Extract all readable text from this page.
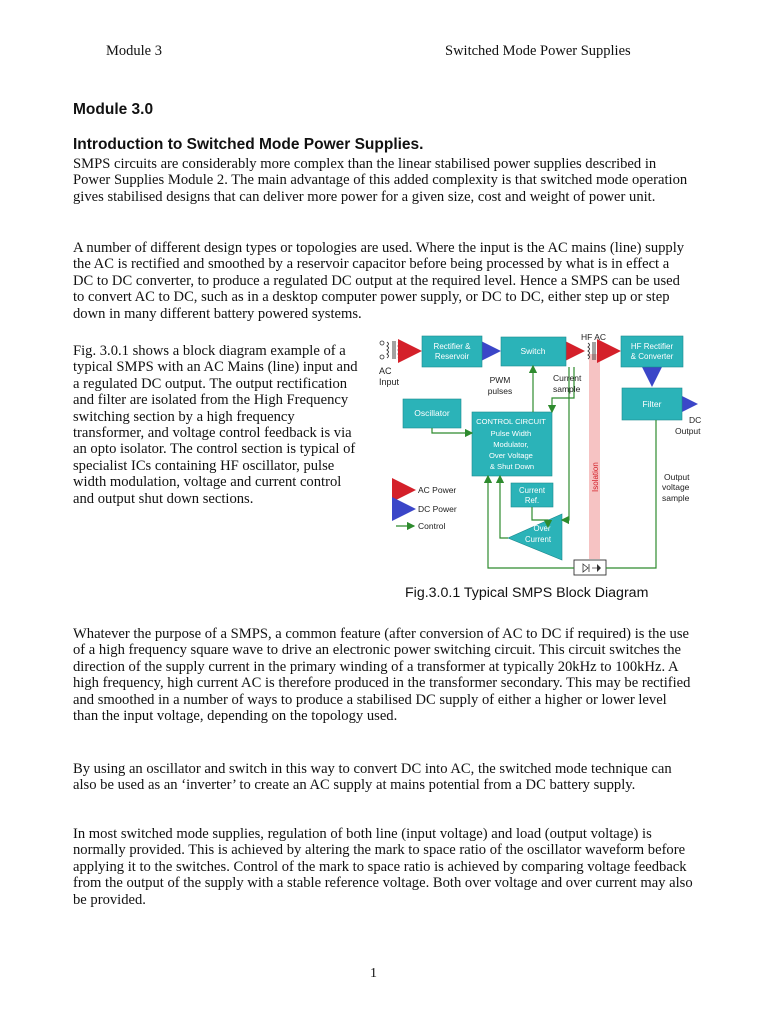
Module 3	Switched Mode Power Supplies
Module 3.0
Introduction to Switched Mode Power Supplies.

SMPS circuits are considerably more complex than the linear stabilised power supplies described in Power Supplies Module 2. The main advantage of this added complexity is that switched mode operation gives stabilised designs that can deliver more power for a given size, cost and weight of power unit.

A number of different design types or topologies are used. Where the input is the AC mains (line) supply the AC is rectified and smoothed by a reservoir capacitor before being processed by what is in effect a DC to DC converter, to produce a regulated DC output at the required level. Hence a SMPS can be used to convert AC to DC, such as in a desktop computer power supply, or DC to DC, either step up or step down in many different battery powered systems.

Fig. 3.0.1 shows a block diagram example of a typical SMPS with an AC Mains (line) input and a regulated DC output. The output rectification and filter are isolated from the High Frequency switching section by a high frequency transformer, and voltage control feedback is via an opto isolator. The control section is typical of specialist ICs containing HF oscillator, pulse width modulation, voltage and current control and output shut down sections.

Isolation
AC Input
HF AC
Rectifier & Reservoir
Switch	HF Rectifier & Converter
Filter
Oscillator
CONTROL CIRCUIT Pulse Width Modulator, Over Voltage & Shut Down
Current Ref.
Over Current
PWM pulses
Current sample
DC Output
Output voltage sample
AC Power
DC Power
Control
Fig.3.0.1 Typical SMPS Block Diagram

Whatever the purpose of a SMPS, a common feature (after conversion of AC to DC if required) is the use of a high frequency square wave to drive an electronic power switching circuit. This circuit switches the direction of the supply current in the primary winding of a transformer at typically 20kHz to 100kHz. A high frequency, high current AC is therefore produced in the transformer secondary. This may be rectified and smoothed in a number of ways to produce a stabilised DC supply of either a higher or lower level than the input voltage, depending on the topology used.

By using an oscillator and switch in this way to convert DC into AC, the switched mode technique can also be used as an ‘inverter’ to create an AC supply at mains potential from a DC battery supply.

In most switched mode supplies, regulation of both line (input voltage) and load (output voltage) is normally provided. This is achieved by altering the mark to space ratio of the oscillator waveform before applying it to the switches. Control of the mark to space ratio is achieved by comparing voltage feedback from the output of the supply with a stable reference voltage. Both over voltage and over current may also be provided.

1
